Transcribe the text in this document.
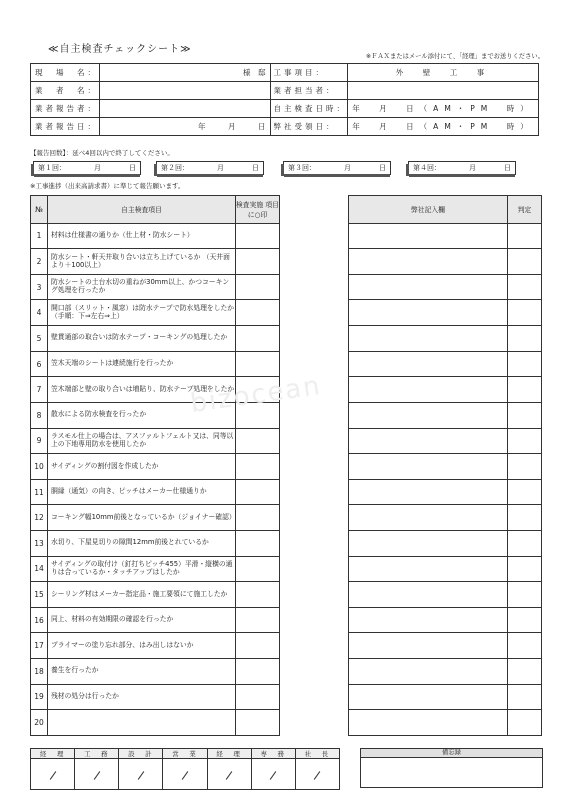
≪自主検査チェックシート≫
※ＦＡＸまたはメール添付にて、「経理」までお送りください。
現　場　名：	様　邸	工事項目：	外　壁　工　事
業　者　名：		業者担当者：	
業者報告者：		自主検査日時：	年　月　日（AM・PM　時）
業者報告日：	年　　　月　　　日	弊社受領日：	年　月　日（AM・PM　時）
【報告回数】：延べ4回以内で終了してください。
第１回：	月	日	第２回：	月	日	第３回：	月	日	第４回：	月	日
※工事進捗（出来高請求書）に準じて報告願います。
№	自主検査項目	検査実施 項目に○印
1	材料は仕様書の通りか（仕上材・防水シート）	
2	防水シート・軒天井取り合いは立ち上げているか （天井面より＋100以上）	
3	防水シートの土台水切の重ねが30mm以上、かつコーキング処理を行ったか	
4	開口部（スリット・風窓）は防水テープで防水処理をしたか （手順：下⇒左右⇒上）	
5	壁貫通部の取合いは防水テープ・コーキングの処理したか	
6	笠木天端のシートは連続施行を行ったか	
7	笠木端部と壁の取り合いは増貼り、防水テープ処理をしたか	
8	散水による防水検査を行ったか	
9	ラスモル仕上の場合は、アスファルトフェルト又は、同等以上の下地専用防水を使用したか	
10	サイディングの割付図を作成したか	
11	胴縁（通気）の向き、ピッチはメーカー仕様通りか	
12	コーキング幅10mm前後となっているか（ジョイナー確認）	
13	水切り、下屋見切りの隙間12mm前後とれているか	
14	サイディングの取付け（釘打ちピッチ455）平滑・縦横の通りは合っているか・タッチアップはしたか	
15	シーリング材はメーカー指定品・施工要領にて施工したか	
16	同上、材料の有効期限の確認を行ったか	
17	プライマーの塗り忘れ部分、はみ出しはないか	
18	養生を行ったか	
19	残材の処分は行ったか	
20		
弊社記入欄	判定

経　理	工　務	設　計	営　業	経　理	専　務	社　長
							備忘録
bizocean
